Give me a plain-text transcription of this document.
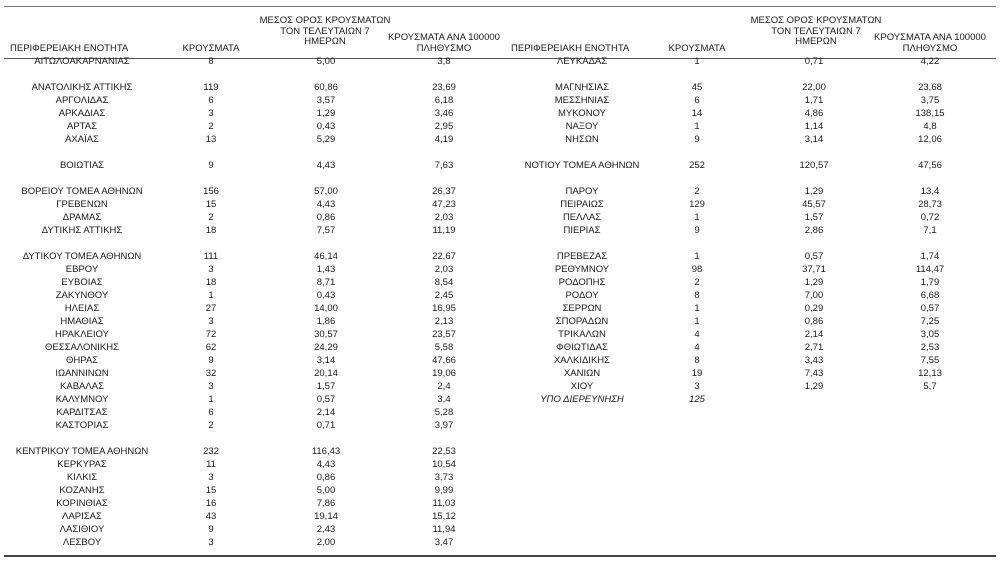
ΠΕΡΙΦΕΡΕΙΑΚΗ ΕΝΟΤΗΤΑ	ΚΡΟΥΣΜΑΤΑ
ΜΕΣΟΣ ΟΡΟΣ ΚΡΟΥΣΜΑΤΩΝ
ΤΟΝ ΤΕΛΕΥΤΑΙΩΝ 7
ΗΜΕΡΩΝ	ΚΡΟΥΣΜΑΤΑ ΑΝΑ 100000
ΠΛΗΘΥΣΜΟ	ΠΕΡΙΦΕΡΕΙΑΚΗ ΕΝΟΤΗΤΑ	ΚΡΟΥΣΜΑΤΑ
ΜΕΣΟΣ ΟΡΟΣ ΚΡΟΥΣΜΑΤΩΝ
ΤΟΝ ΤΕΛΕΥΤΑΙΩΝ 7
ΗΜΕΡΩΝ	ΚΡΟΥΣΜΑΤΑ ΑΝΑ 100000
ΠΛΗΘΥΣΜΟ
ΑΙΤΩΛΟΑΚΑΡΝΑΝΙΑΣ	8	5,00	3,8
ΑΝΑΤΟΛΙΚΗΣ ΑΤΤΙΚΗΣ	119	60,86	23,69
ΑΡΓΟΛΙΔΑΣ	6	3,57	6,18
ΑΡΚΑΔΙΑΣ	3	1,29	3,46
ΑΡΤΑΣ	2	0,43	2,95
ΑΧΑΪΑΣ	13	5,29	4,19
ΒΟΙΩΤΙΑΣ	9	4,43	7,63
ΒΟΡΕΙΟΥ ΤΟΜΕΑ ΑΘΗΝΩΝ	156	57,00	26,37
ΓΡΕΒΕΝΩΝ	15	4,43	47,23
ΔΡΑΜΑΣ	2	0,86	2,03
ΔΥΤΙΚΗΣ ΑΤΤΙΚΗΣ	18	7,57	11,19
ΔΥΤΙΚΟΥ ΤΟΜΕΑ ΑΘΗΝΩΝ	111	46,14	22,67
ΕΒΡΟΥ	3	1,43	2,03
ΕΥΒΟΙΑΣ	18	8,71	8,54
ΖΑΚΥΝΘΟΥ	1	0,43	2,45
ΗΛΕΙΑΣ	27	14,00	16,95
ΗΜΑΘΙΑΣ	3	1,86	2,13
ΗΡΑΚΛΕΙΟΥ	72	30,57	23,57
ΘΕΣΣΑΛΟΝΙΚΗΣ	62	24,29	5,58
ΘΗΡΑΣ	9	3,14	47,66
ΙΩΑΝΝΙΝΩΝ	32	20,14	19,06
ΚΑΒΑΛΑΣ	3	1,57	2,4
ΚΑΛΥΜΝΟΥ	1	0,57	3,4
ΚΑΡΔΙΤΣΑΣ	6	2,14	5,28
ΚΑΣΤΟΡΙΑΣ	2	0,71	3,97
ΚΕΝΤΡΙΚΟΥ ΤΟΜΕΑ ΑΘΗΝΩΝ	232	116,43	22,53
ΚΕΡΚΥΡΑΣ	11	4,43	10,54
ΚΙΛΚΙΣ	3	0,86	3,73
ΚΟΖΑΝΗΣ	15	5,00	9,99
ΚΟΡΙΝΘΙΑΣ	16	7,86	11,03
ΛΑΡΙΣΑΣ	43	19,14	15,12
ΛΑΣΙΘΙΟΥ	9	2,43	11,94
ΛΕΣΒΟΥ	3	2,00	3,47
ΛΕΥΚΑΔΑΣ	1	0,71	4,22
ΜΑΓΝΗΣΙΑΣ	45	22,00	23,68
ΜΕΣΣΗΝΙΑΣ	6	1,71	3,75
ΜΥΚΟΝΟΥ	14	4,86	138,15
ΝΑΞΟΥ	1	1,14	4,8
ΝΗΣΩΝ	9	3,14	12,06
ΝΟΤΙΟΥ ΤΟΜΕΑ ΑΘΗΝΩΝ	252	120,57	47,56
ΠΑΡΟΥ	2	1,29	13,4
ΠΕΙΡΑΙΩΣ	129	45,57	28,73
ΠΕΛΛΑΣ	1	1,57	0,72
ΠΙΕΡΙΑΣ	9	2,86	7,1
ΠΡΕΒΕΖΑΣ	1	0,57	1,74
ΡΕΘΥΜΝΟΥ	98	37,71	114,47
ΡΟΔΟΠΗΣ	2	1,29	1,79
ΡΟΔΟΥ	8	7,00	6,68
ΣΕΡΡΩΝ	1	0,29	0,57
ΣΠΟΡΑΔΩΝ	1	0,86	7,25
ΤΡΙΚΑΛΩΝ	4	2,14	3,05
ΦΘΙΩΤΙΔΑΣ	4	2,71	2,53
ΧΑΛΚΙΔΙΚΗΣ	8	3,43	7,55
ΧΑΝΙΩΝ	19	7,43	12,13
ΧΙΟΥ	3	1,29	5,7
ΥΠΟ ΔΙΕΡΕΥΝΗΣΗ	125
